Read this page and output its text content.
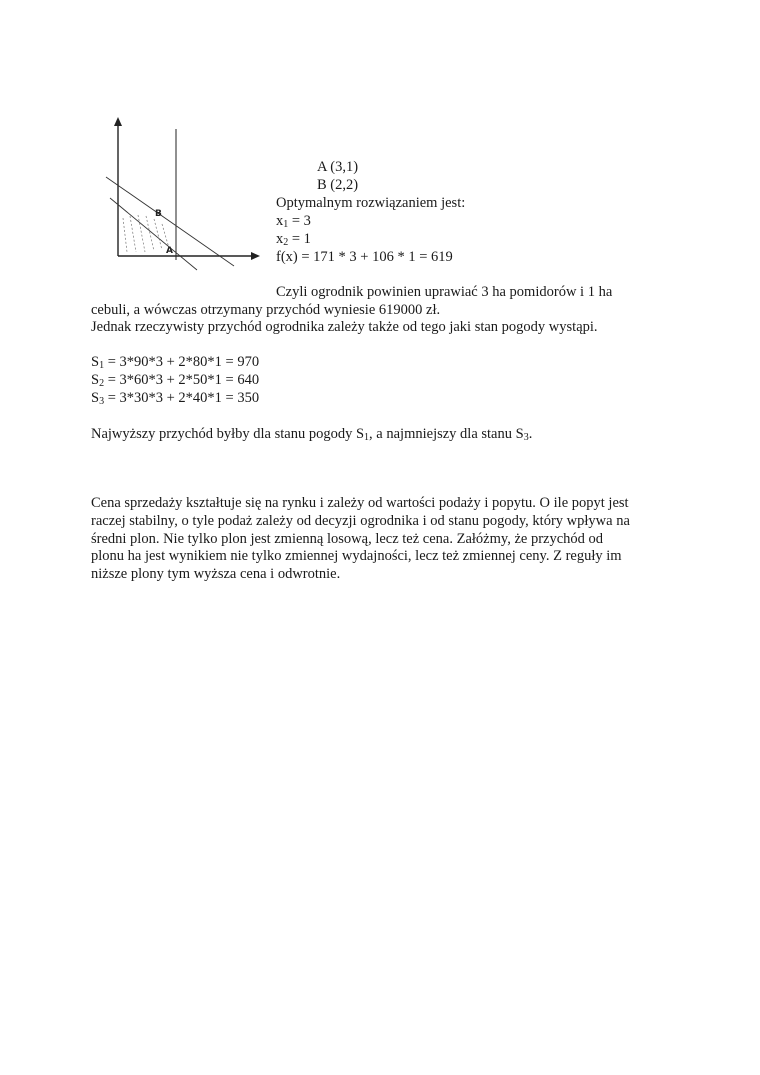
B
A
A (3,1)
B (2,2)
Optymalnym rozwiązaniem jest:
$x_1 = 3$
$x_2 = 1$
f(x) = 171 * 3 + 106 * 1 = 619
Czyli ogrodnik powinien uprawiać 3 ha pomidorów i 1 ha
cebuli, a wówczas otrzymany przychód wyniesie 619000 zł.
Jednak rzeczywisty przychód ogrodnika zależy także od tego jaki stan pogody wystąpi.
$S_1 = 3*90*3 + 2*80*1 = 970$
$S_2 = 3*60*3 + 2*50*1 = 640$
$S_3 = 3*30*3 + 2*40*1 = 350$
Najwyższy przychód byłby dla stanu pogody $S_1$, a najmniejszy dla stanu $S_3$.
Cena sprzedaży kształtuje się na rynku i zależy od wartości podaży i popytu. O ile popyt jest
raczej stabilny, o tyle podaż zależy od decyzji ogrodnika i od stanu pogody, który wpływa na
średni plon. Nie tylko plon jest zmienną losową, lecz też cena. Załóżmy, że przychód od
plonu ha jest wynikiem nie tylko zmiennej wydajności, lecz też zmiennej ceny. Z reguły im
niższe plony tym wyższa cena i odwrotnie.
